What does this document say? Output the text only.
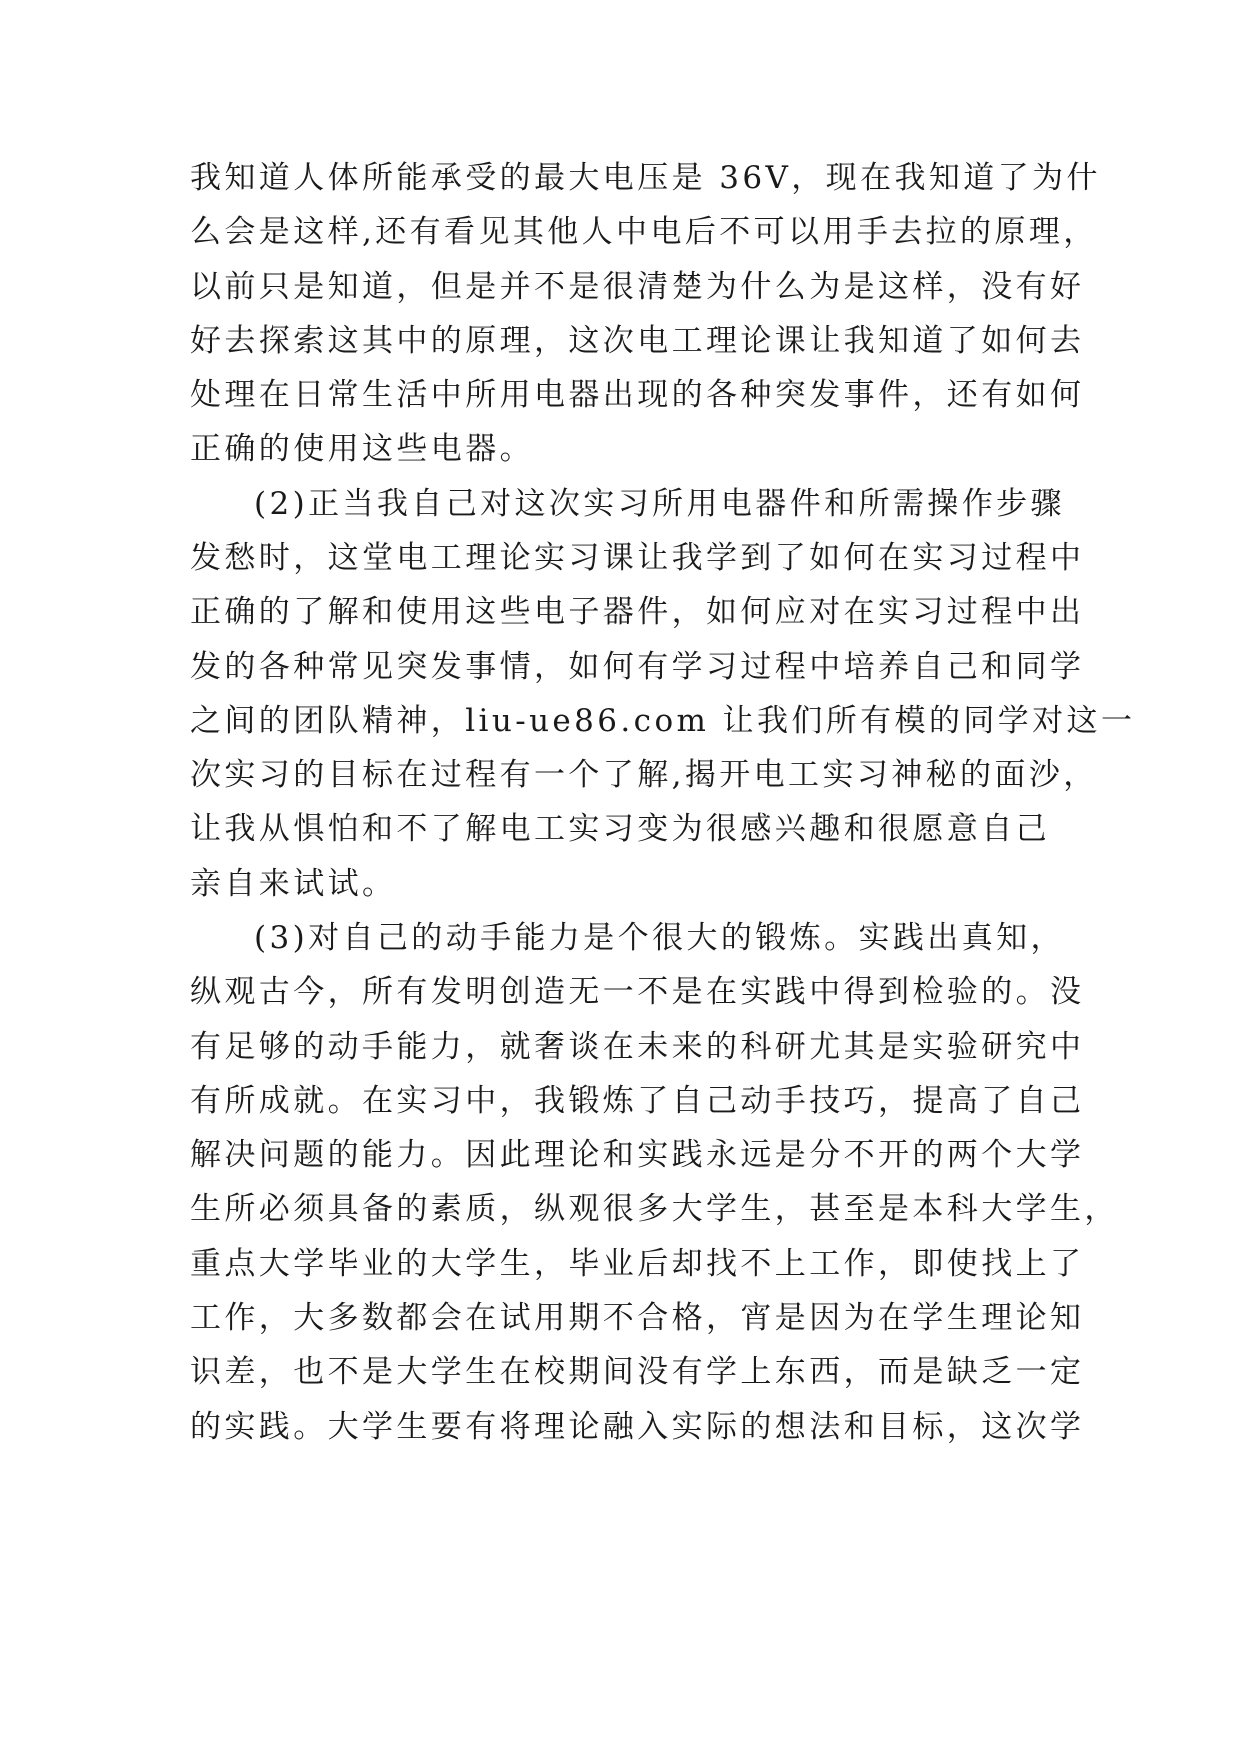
我知道人体所能承受的最大电压是 36V，现在我知道了为什
么会是这样,还有看见其他人中电后不可以用手去拉的原理，
以前只是知道，但是并不是很清楚为什么为是这样，没有好
好去探索这其中的原理，这次电工理论课让我知道了如何去
处理在日常生活中所用电器出现的各种突发事件，还有如何
正确的使用这些电器。
(2)正当我自己对这次实习所用电器件和所需操作步骤
发愁时，这堂电工理论实习课让我学到了如何在实习过程中
正确的了解和使用这些电子器件，如何应对在实习过程中出
发的各种常见突发事情，如何有学习过程中培养自己和同学
之间的团队精神，liu-ue86.com 让我们所有模的同学对这一
次实习的目标在过程有一个了解,揭开电工实习神秘的面沙，
让我从惧怕和不了解电工实习变为很感兴趣和很愿意自己
亲自来试试。
(3)对自己的动手能力是个很大的锻炼。实践出真知，
纵观古今，所有发明创造无一不是在实践中得到检验的。没
有足够的动手能力，就奢谈在未来的科研尤其是实验研究中
有所成就。在实习中，我锻炼了自己动手技巧，提高了自己
解决问题的能力。因此理论和实践永远是分不开的两个大学
生所必须具备的素质，纵观很多大学生，甚至是本科大学生，
重点大学毕业的大学生，毕业后却找不上工作，即使找上了
工作，大多数都会在试用期不合格，宵是因为在学生理论知
识差，也不是大学生在校期间没有学上东西，而是缺乏一定
的实践。大学生要有将理论融入实际的想法和目标，这次学
